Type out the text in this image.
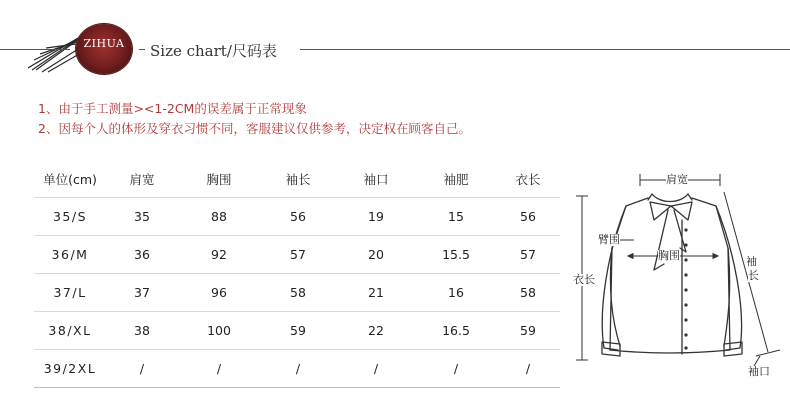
ZIHUA	Size chart/尺码表
1、由于手工测量><1-2CM的误差属于正常现象
2、因每个人的体形及穿衣习惯不同，客服建议仅供参考，决定权在顾客自己。
单位(cm)	肩宽	胸围	袖长	袖口	袖肥	衣长
35/S	35	88	56	19	15	56
36/M	36	92	57	20	15.5	57
37/L	37	96	58	21	16	58
38/XL	38	100	59	22	16.5	59
39/2XL	/	/	/	/	/	/
肩宽
臂围
胸围
衣长
袖
长
袖口
